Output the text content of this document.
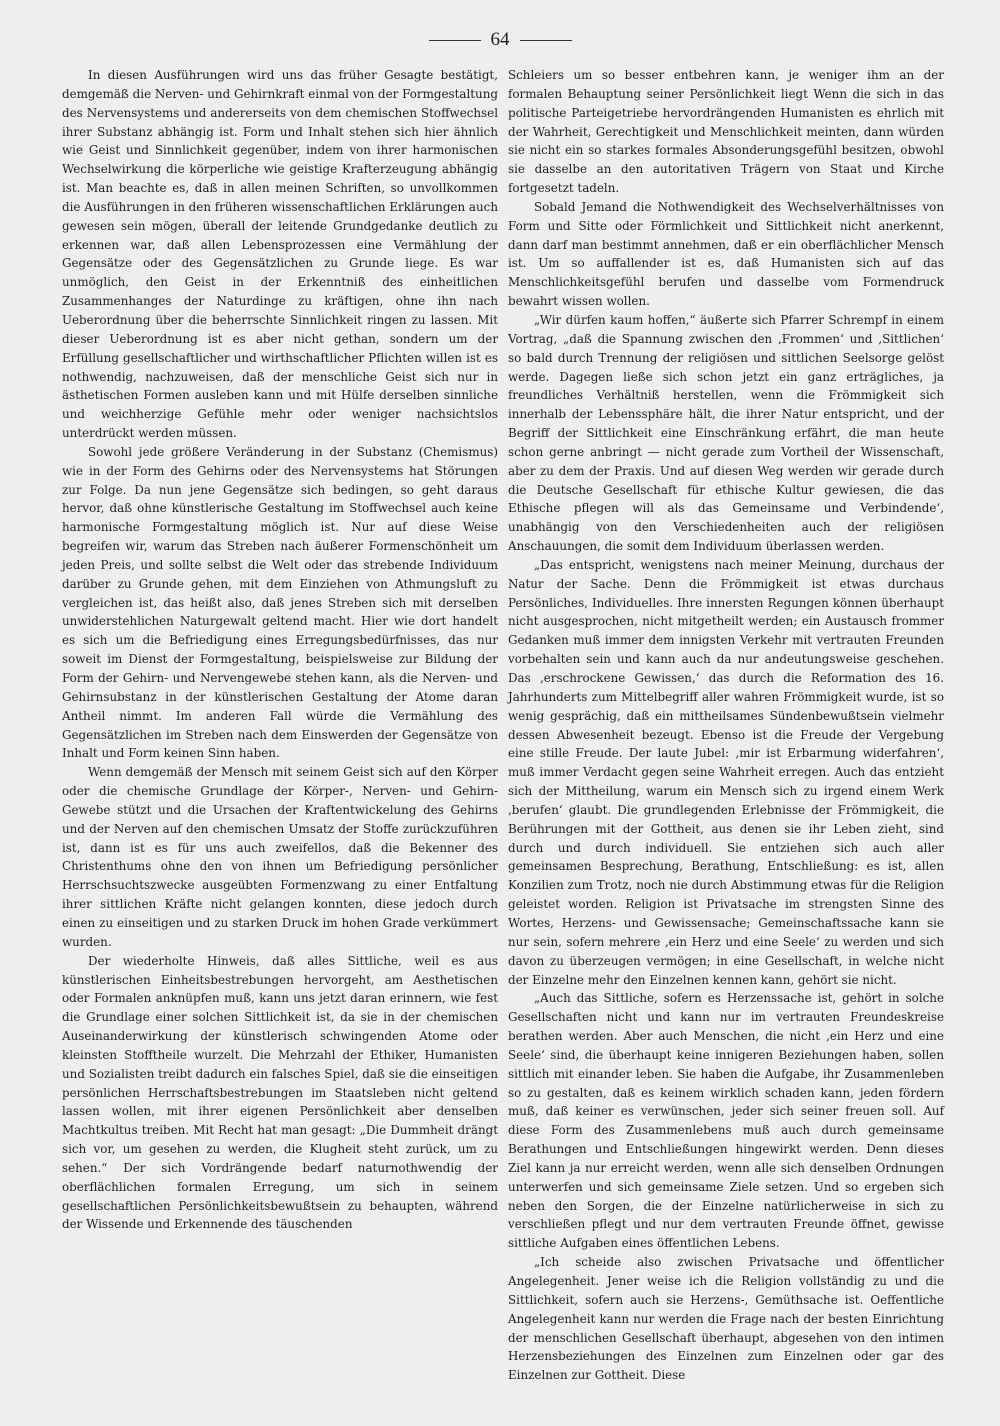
64

In diesen Ausführungen wird uns das früher Gesagte bestätigt, demgemäß die Nerven- und Gehirnkraft einmal von der Formgestaltung des Nervensystems und andererseits von dem chemischen Stoffwechsel ihrer Substanz abhängig ist. Form und Inhalt stehen sich hier ähnlich wie Geist und Sinnlichkeit gegenüber, indem von ihrer harmonischen Wechselwirkung die körperliche wie geistige Krafterzeugung abhängig ist. Man beachte es, daß in allen meinen Schriften, so unvollkommen die Ausführungen in den früheren wissenschaftlichen Erklärungen auch gewesen sein mögen, überall der leitende Grundgedanke deutlich zu erkennen war, daß allen Lebensprozessen eine Vermählung der Gegensätze oder des Gegensätzlichen zu Grunde liege. Es war unmöglich, den Geist in der Erkenntniß des einheitlichen Zusammenhanges der Naturdinge zu kräftigen, ohne ihn nach Ueberordnung über die beherrschte Sinnlichkeit ringen zu lassen. Mit dieser Ueberordnung ist es aber nicht gethan, sondern um der Erfüllung gesellschaftlicher und wirthschaftlicher Pflichten willen ist es nothwendig, nachzuweisen, daß der menschliche Geist sich nur in ästhetischen Formen ausleben kann und mit Hülfe derselben sinnliche und weichherzige Gefühle mehr oder weniger nachsichtslos unterdrückt werden müssen.

Sowohl jede größere Veränderung in der Substanz (Chemismus) wie in der Form des Gehirns oder des Nervensystems hat Störungen zur Folge. Da nun jene Gegensätze sich bedingen, so geht daraus hervor, daß ohne künstlerische Gestaltung im Stoffwechsel auch keine harmonische Formgestaltung möglich ist. Nur auf diese Weise begreifen wir, warum das Streben nach äußerer Formenschönheit um jeden Preis, und sollte selbst die Welt oder das strebende Individuum darüber zu Grunde gehen, mit dem Einziehen von Athmungsluft zu vergleichen ist, das heißt also, daß jenes Streben sich mit derselben unwiderstehlichen Naturgewalt geltend macht. Hier wie dort handelt es sich um die Befriedigung eines Erregungsbedürfnisses, das nur soweit im Dienst der Formgestaltung, beispielsweise zur Bildung der Form der Gehirn- und Nervengewebe stehen kann, als die Nerven- und Gehirnsubstanz in der künstlerischen Gestaltung der Atome daran Antheil nimmt. Im anderen Fall würde die Vermählung des Gegensätzlichen im Streben nach dem Einswerden der Gegensätze von Inhalt und Form keinen Sinn haben.

Wenn demgemäß der Mensch mit seinem Geist sich auf den Körper oder die chemische Grundlage der Körper-, Nerven- und Gehirn-Gewebe stützt und die Ursachen der Kraftentwickelung des Gehirns und der Nerven auf den chemischen Umsatz der Stoffe zurückzuführen ist, dann ist es für uns auch zweifellos, daß die Bekenner des Christenthums ohne den von ihnen um Befriedigung persönlicher Herrschsuchtszwecke ausgeübten Formenzwang zu einer Entfaltung ihrer sittlichen Kräfte nicht gelangen konnten, diese jedoch durch einen zu einseitigen und zu starken Druck im hohen Grade verkümmert wurden.

Der wiederholte Hinweis, daß alles Sittliche, weil es aus künstlerischen Einheitsbestrebungen hervorgeht, am Aesthetischen oder Formalen anknüpfen muß, kann uns jetzt daran erinnern, wie fest die Grundlage einer solchen Sittlichkeit ist, da sie in der chemischen Auseinanderwirkung der künstlerisch schwingenden Atome oder kleinsten Stofftheile wurzelt. Die Mehrzahl der Ethiker, Humanisten und Sozialisten treibt dadurch ein falsches Spiel, daß sie die einseitigen persönlichen Herrschaftsbestrebungen im Staatsleben nicht geltend lassen wollen, mit ihrer eigenen Persönlichkeit aber denselben Machtkultus treiben. Mit Recht hat man gesagt: „Die Dummheit drängt sich vor, um gesehen zu werden, die Klugheit steht zurück, um zu sehen.“ Der sich Vordrängende bedarf naturnothwendig der oberflächlichen formalen Erregung, um sich in seinem gesellschaftlichen Persönlichkeitsbewußtsein zu behaupten, während der Wissende und Erkennende des täuschenden

Schleiers um so besser entbehren kann, je weniger ihm an der formalen Behauptung seiner Persönlichkeit liegt Wenn die sich in das politische Parteigetriebe hervordrängenden Humanisten es ehrlich mit der Wahrheit, Gerechtigkeit und Menschlichkeit meinten, dann würden sie nicht ein so starkes formales Absonderungsgefühl besitzen, obwohl sie dasselbe an den autoritativen Trägern von Staat und Kirche fortgesetzt tadeln.

Sobald Jemand die Nothwendigkeit des Wechselverhältnisses von Form und Sitte oder Förmlichkeit und Sittlichkeit nicht anerkennt, dann darf man bestimmt annehmen, daß er ein oberflächlicher Mensch ist. Um so auffallender ist es, daß Humanisten sich auf das Menschlichkeitsgefühl berufen und dasselbe vom Formendruck bewahrt wissen wollen.

„Wir dürfen kaum hoffen,“ äußerte sich Pfarrer Schrempf in einem Vortrag, „daß die Spannung zwischen den ‚Frommen‘ und ‚Sittlichen‘ so bald durch Trennung der religiösen und sittlichen Seelsorge gelöst werde. Dagegen ließe sich schon jetzt ein ganz erträgliches, ja freundliches Verhältniß herstellen, wenn die Frömmigkeit sich innerhalb der Lebenssphäre hält, die ihrer Natur entspricht, und der Begriff der Sittlichkeit eine Einschränkung erfährt, die man heute schon gerne anbringt — nicht gerade zum Vortheil der Wissenschaft, aber zu dem der Praxis. Und auf diesen Weg werden wir gerade durch die Deutsche Gesellschaft für ethische Kultur gewiesen, die das Ethische pflegen will als das Gemeinsame und Verbindende‘, unabhängig von den Verschiedenheiten auch der religiösen Anschauungen, die somit dem Individuum überlassen werden.

„Das entspricht, wenigstens nach meiner Meinung, durchaus der Natur der Sache. Denn die Frömmigkeit ist etwas durchaus Persönliches, Individuelles. Ihre innersten Regungen können überhaupt nicht ausgesprochen, nicht mitgetheilt werden; ein Austausch frommer Gedanken muß immer dem innigsten Verkehr mit vertrauten Freunden vorbehalten sein und kann auch da nur andeutungsweise geschehen. Das ‚erschrockene Gewissen,‘ das durch die Reformation des 16. Jahrhunderts zum Mittelbegriff aller wahren Frömmigkeit wurde, ist so wenig gesprächig, daß ein mittheilsames Sündenbewußtsein vielmehr dessen Abwesenheit bezeugt. Ebenso ist die Freude der Vergebung eine stille Freude. Der laute Jubel: ‚mir ist Erbarmung widerfahren‘, muß immer Verdacht gegen seine Wahrheit erregen. Auch das entzieht sich der Mittheilung, warum ein Mensch sich zu irgend einem Werk ‚berufen‘ glaubt. Die grundlegenden Erlebnisse der Frömmigkeit, die Berührungen mit der Gottheit, aus denen sie ihr Leben zieht, sind durch und durch individuell. Sie entziehen sich auch aller gemeinsamen Besprechung, Berathung, Entschließung: es ist, allen Konzilien zum Trotz, noch nie durch Abstimmung etwas für die Religion geleistet worden. Religion ist Privatsache im strengsten Sinne des Wortes, Herzens- und Gewissensache; Gemeinschaftssache kann sie nur sein, sofern mehrere ‚ein Herz und eine Seele‘ zu werden und sich davon zu überzeugen vermögen; in eine Gesellschaft, in welche nicht der Einzelne mehr den Einzelnen kennen kann, gehört sie nicht.

„Auch das Sittliche, sofern es Herzenssache ist, gehört in solche Gesellschaften nicht und kann nur im vertrauten Freundeskreise berathen werden. Aber auch Menschen, die nicht ‚ein Herz und eine Seele‘ sind, die überhaupt keine innigeren Beziehungen haben, sollen sittlich mit einander leben. Sie haben die Aufgabe, ihr Zusammenleben so zu gestalten, daß es keinem wirklich schaden kann, jeden fördern muß, daß keiner es verwünschen, jeder sich seiner freuen soll. Auf diese Form des Zusammenlebens muß auch durch gemeinsame Berathungen und Entschließungen hingewirkt werden. Denn dieses Ziel kann ja nur erreicht werden, wenn alle sich denselben Ordnungen unterwerfen und sich gemeinsame Ziele setzen. Und so ergeben sich neben den Sorgen, die der Einzelne natürlicherweise in sich zu verschließen pflegt und nur dem vertrauten Freunde öffnet, gewisse sittliche Aufgaben eines öffentlichen Lebens.

„Ich scheide also zwischen Privatsache und öffentlicher Angelegenheit. Jener weise ich die Religion vollständig zu und die Sittlichkeit, sofern auch sie Herzens-, Gemüthsache ist. Oeffentliche Angelegenheit kann nur werden die Frage nach der besten Einrichtung der menschlichen Gesellschaft überhaupt, abgesehen von den intimen Herzensbeziehungen des Einzelnen zum Einzelnen oder gar des Einzelnen zur Gottheit. Diese
